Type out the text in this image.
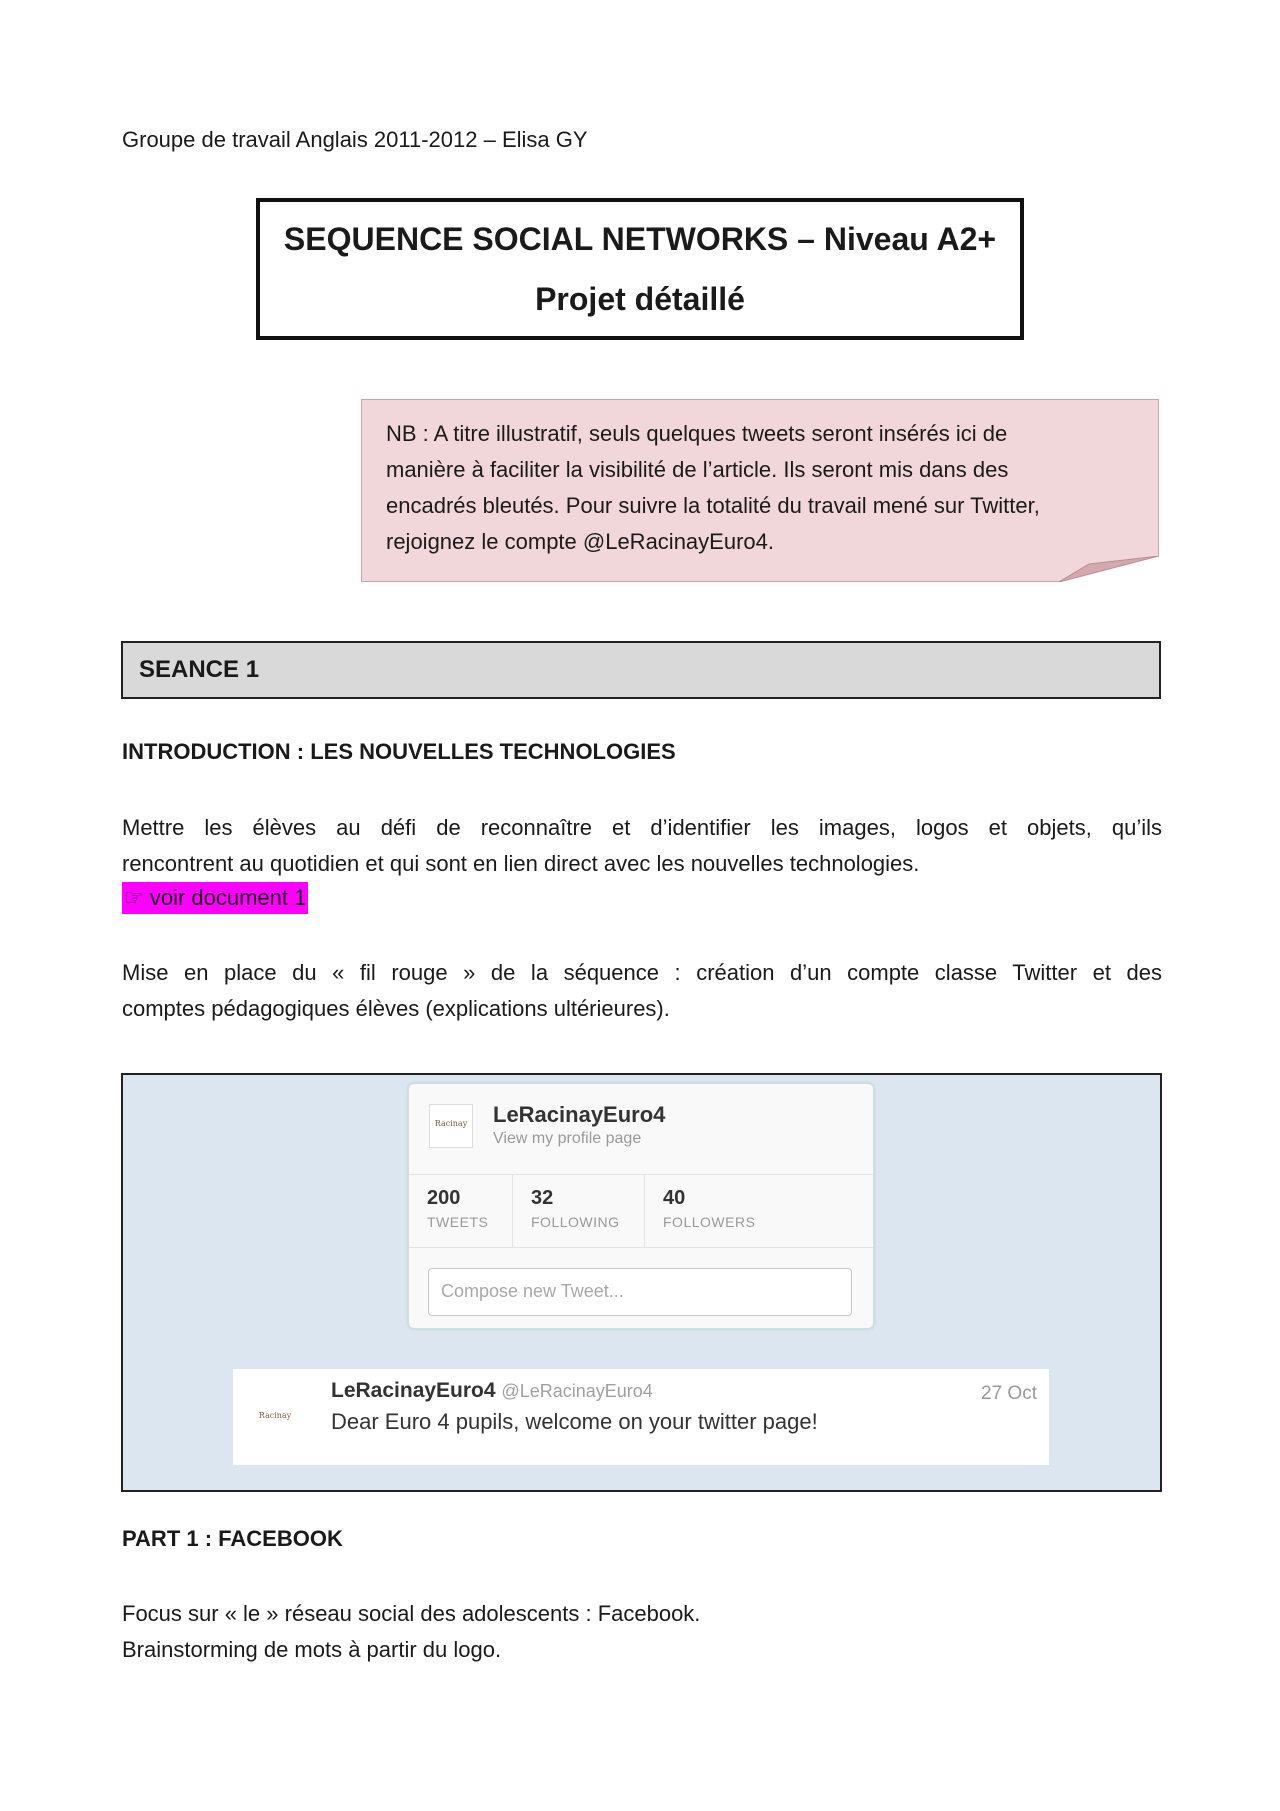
Groupe de travail Anglais 2011-2012 – Elisa GY
SEQUENCE SOCIAL NETWORKS – Niveau A2+
Projet détaillé
NB : A titre illustratif, seuls quelques tweets seront insérés ici de
manière à faciliter la visibilité de l’article. Ils seront mis dans des
encadrés bleutés. Pour suivre la totalité du travail mené sur Twitter,
rejoignez le compte @LeRacinayEuro4.
SEANCE 1
INTRODUCTION : LES NOUVELLES TECHNOLOGIES
Mettre les élèves au défi de reconnaître et d’identifier les images, logos et objets, qu’ils
rencontrent au quotidien et qui sont en lien direct avec les nouvelles technologies.
☞ voir document 1
Mise en place du « fil rouge » de la séquence : création d’un compte classe Twitter et des
comptes pédagogiques élèves (explications ultérieures).
Racinay LeRacinayEuro4
View my profile page
200
TWEETS
32
FOLLOWING
40
FOLLOWERS
Compose new Tweet...
Racinay
LeRacinayEuro4 @LeRacinayEuro4	27 Oct
Dear Euro 4 pupils, welcome on your twitter page!
PART 1 : FACEBOOK
Focus sur « le » réseau social des adolescents : Facebook.
Brainstorming de mots à partir du logo.
